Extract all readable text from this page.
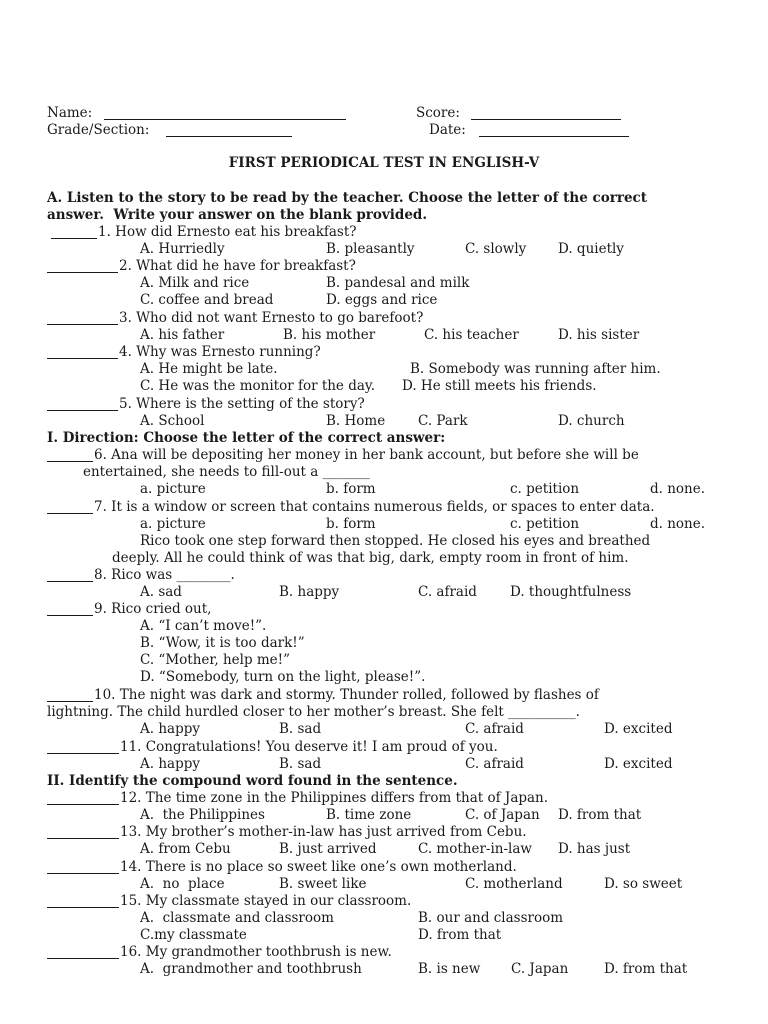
Name:	Score:
Grade/Section:	Date:
FIRST PERIODICAL TEST IN ENGLISH-V
A. Listen to the story to be read by the teacher. Choose the letter of the correct
answer.  Write your answer on the blank provided.
1. How did Ernesto eat his breakfast?
A. Hurriedly	B. pleasantly	C. slowly D. quietly
2. What did he have for breakfast?
A. Milk and rice	B. pandesal and milk
C. coffee and bread	D. eggs and rice
3. Who did not want Ernesto to go barefoot?
A. his father	B. his mother	C. his teacher	D. his sister
4. Why was Ernesto running?
A. He might be late.	B. Somebody was running after him.
C. He was the monitor for the day. D. He still meets his friends.
5. Where is the setting of the story?
A. School	B. Home C. Park	D. church
I. Direction: Choose the letter of the correct answer:
6. Ana will be depositing her money in her bank account, but before she will be
entertained, she needs to fill-out a _______
a. picture	b. form	c. petition	d. none.
7. It is a window or screen that contains numerous fields, or spaces to enter data.
a. picture	b. form	c. petition	d. none.
Rico took one step forward then stopped. He closed his eyes and breathed
deeply. All he could think of was that big, dark, empty room in front of him.
8. Rico was ________.
A. sad	B. happy	C. afraid D. thoughtfulness
9. Rico cried out,
A. “I can’t move!”.
B. “Wow, it is too dark!”
C. “Mother, help me!”
D. “Somebody, turn on the light, please!”.
10. The night was dark and stormy. Thunder rolled, followed by flashes of
lightning. The child hurdled closer to her mother’s breast. She felt __________.
A. happy	B. sad	C. afraid	D. excited
11. Congratulations! You deserve it! I am proud of you.
A. happy	B. sad	C. afraid	D. excited
II. Identify the compound word found in the sentence.
12. The time zone in the Philippines differs from that of Japan.
A.  the Philippines	B. time zone	C. of Japan D. from that
13. My brother’s mother-in-law has just arrived from Cebu.
A. from Cebu	B. just arrived	C. mother-in-law D. has just
14. There is no place so sweet like one’s own motherland.
A.  no  place	B. sweet like	C. motherland	D. so sweet
15. My classmate stayed in our classroom.
A.  classmate and classroom	B. our and classroom
C.my classmate	D. from that
16. My grandmother toothbrush is new.
A.  grandmother and toothbrush	B. is new C. Japan	D. from that
